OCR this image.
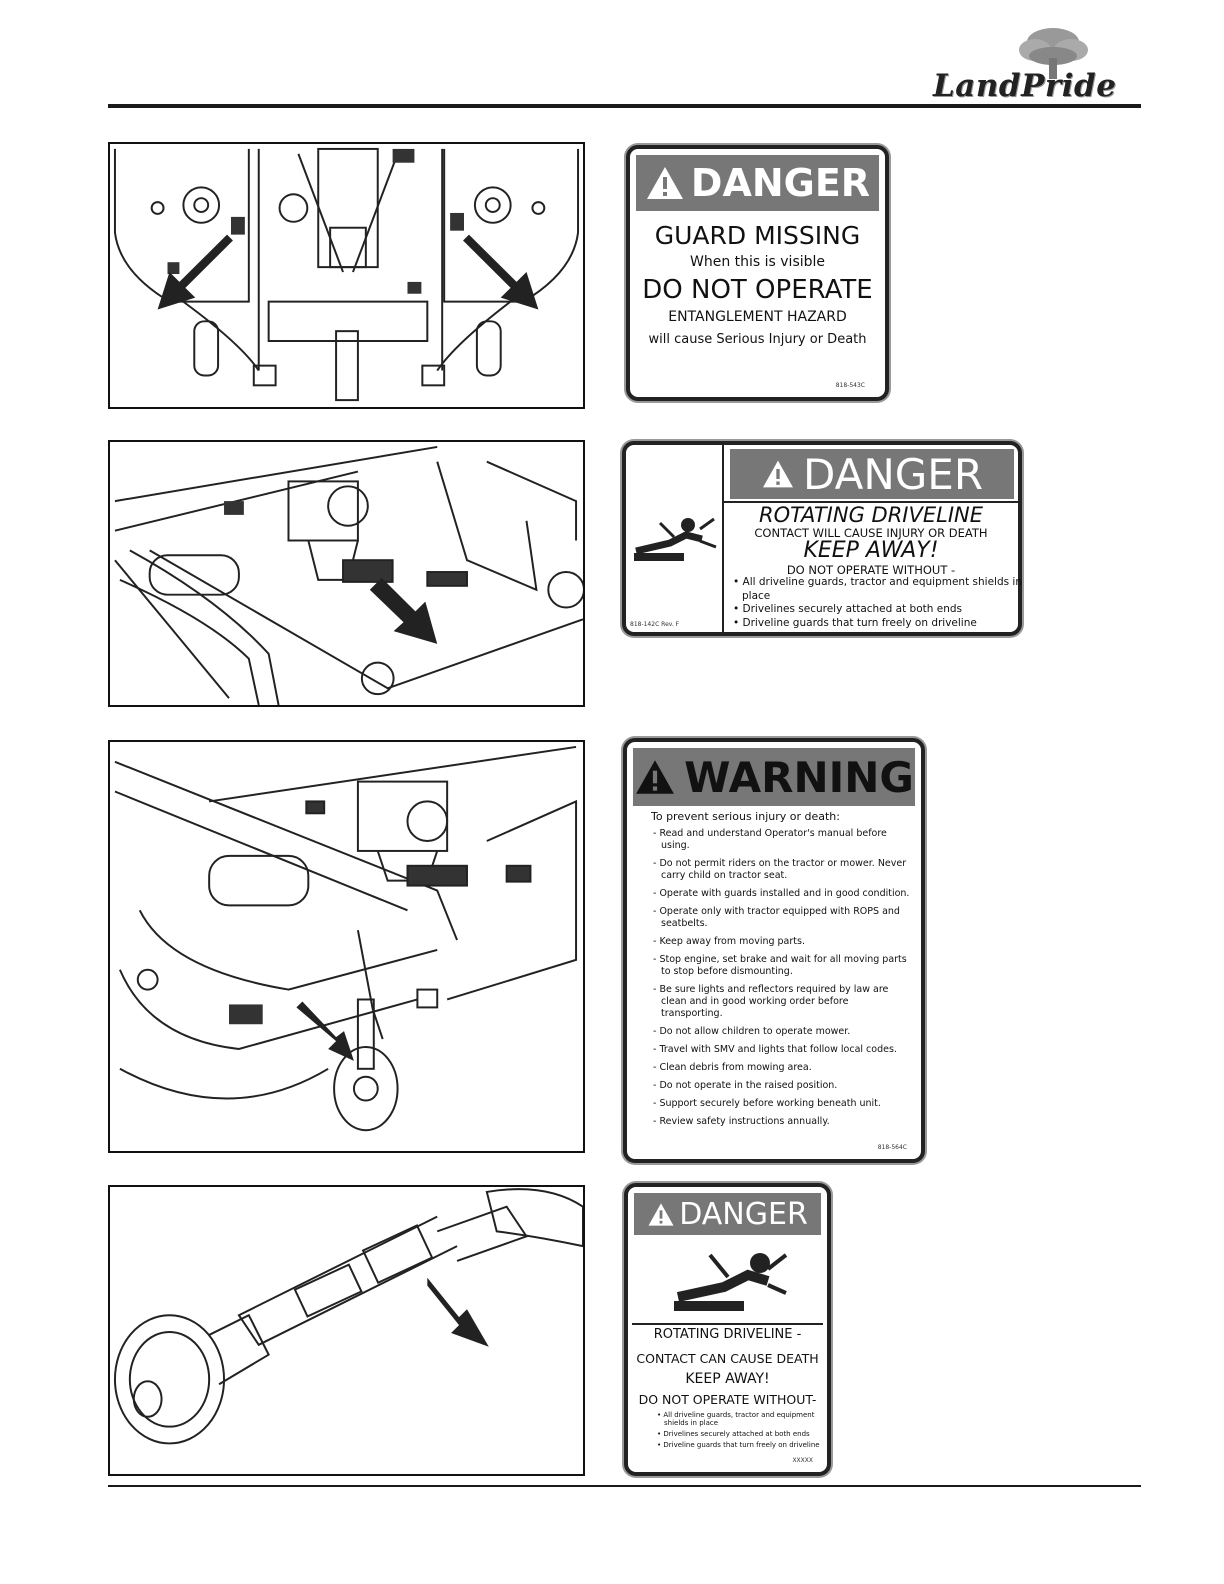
LandPride
DANGER
GUARD MISSING
When this is visible
DO NOT OPERATE
ENTANGLEMENT HAZARD
will cause Serious Injury or Death
818-543C
DANGER
ROTATING DRIVELINE
CONTACT WILL CAUSE INJURY OR DEATH
KEEP AWAY!
DO NOT OPERATE WITHOUT -
• All driveline guards, tractor and equipment shields in place
• Drivelines securely attached at both ends
• Driveline guards that turn freely on driveline
818-142C Rev. F
WARNING
To prevent serious injury or death:
- Read and understand Operator's manual before using.
- Do not permit riders on the tractor or mower. Never carry child on tractor seat.
- Operate with guards installed and in good condition.
- Operate only with tractor equipped with ROPS and seatbelts.
- Keep away from moving parts.
- Stop engine, set brake and wait for all moving parts to stop before dismounting.
- Be sure lights and reflectors required by law are clean and in good working order before transporting.
- Do not allow children to operate mower.
- Travel with SMV and lights that follow local codes.
- Clean debris from mowing area.
- Do not operate in the raised position.
- Support securely before working beneath unit.
- Review safety instructions annually.
818-564C
DANGER
ROTATING DRIVELINE -
CONTACT CAN CAUSE DEATH
KEEP AWAY!
DO NOT OPERATE WITHOUT-
• All driveline guards, tractor and equipment shields in place
• Drivelines securely attached at both ends
• Driveline guards that turn freely on driveline
XXXXX
